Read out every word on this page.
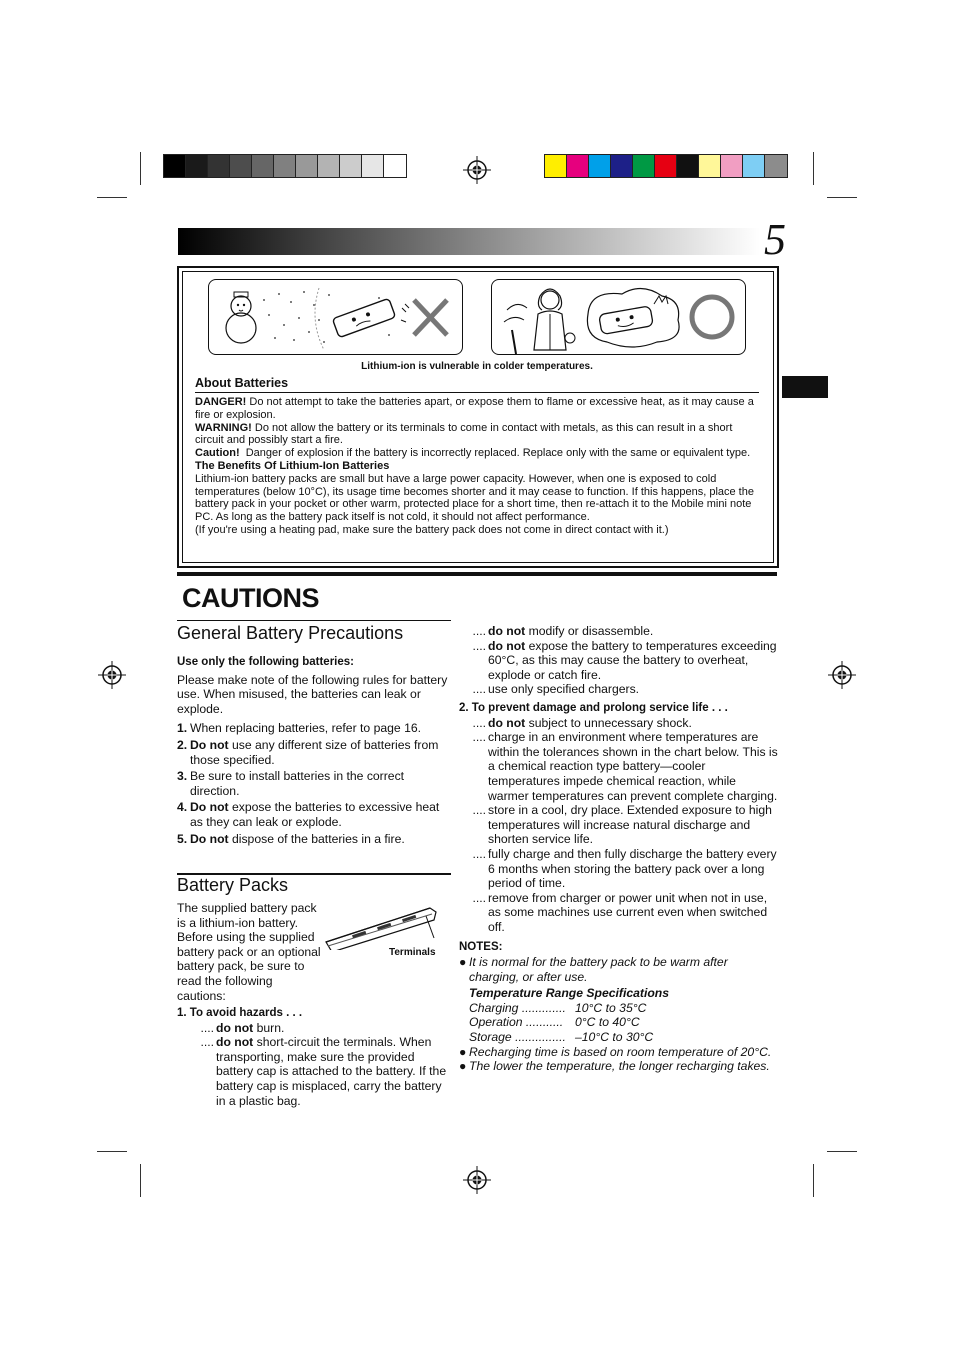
5
Lithium-ion is vulnerable in colder temperatures.
About Batteries

DANGER! Do not attempt to take the batteries apart, or expose them to flame or excessive heat, as it may cause a fire or explosion.

WARNING! Do not allow the battery or its terminals to come in contact with metals, as this can result in a short circuit and possibly start a fire.

Caution!  Danger of explosion if the battery is incorrectly replaced. Replace only with the same or equivalent type.

The Benefits Of Lithium-Ion Batteries

Lithium-ion battery packs are small but have a large power capacity. However, when one is exposed to cold temperatures (below 10°C), its usage time becomes shorter and it may cease to function. If this happens, place the battery pack in your pocket or other warm, protected place for a short time, then re-attach it to the Mobile mini note PC. As long as the battery pack itself is not cold, it should not affect performance.

(If you're using a heating pad, make sure the battery pack does not come in direct contact with it.)

CAUTIONS
General Battery Precautions

Use only the following batteries:

Please make note of the following rules for battery use. When misused, the batteries can leak or explode.

1. When replacing batteries, refer to page 16.
2. Do not use any different size of batteries from those specified.
3. Be sure to install batteries in the correct direction.
4. Do not expose the batteries to excessive heat as they can leak or explode.
5. Do not dispose of the batteries in a fire.
Battery Packs
The supplied battery pack is a lithium-ion battery. Before using the supplied battery pack or an optional battery pack, be sure to read the following cautions:
Terminals

1. To avoid hazards . . .

.... do not burn.
.... do not short-circuit the terminals. When transporting, make sure the provided battery cap is attached to the battery. If the battery cap is misplaced, carry the battery in a plastic bag.
.... do not modify or disassemble.
.... do not expose the battery to temperatures exceeding 60°C, as this may cause the battery to overheat, explode or catch fire.
.... use only specified chargers.

2. To prevent damage and prolong service life . . .

.... do not subject to unnecessary shock.
.... charge in an environment where temperatures are within the tolerances shown in the chart below. This is a chemical reaction type battery—cooler temperatures impede chemical reaction, while warmer temperatures can prevent complete charging.
.... store in a cool, dry place. Extended exposure to high temperatures will increase natural discharge and shorten service life.
.... fully charge and then fully discharge the battery every 6 months when storing the battery pack over a long period of time.
.... remove from charger or power unit when not in use, as some machines use current even when switched off.

NOTES:

● It is normal for the battery pack to be warm after charging, or after use.

Temperature Range Specifications

Charging ............. 10°C to 35°C
Operation ........... 0°C to 40°C
Storage ............... –10°C to 30°C
● Recharging time is based on room temperature of 20°C.
● The lower the temperature, the longer recharging takes.
